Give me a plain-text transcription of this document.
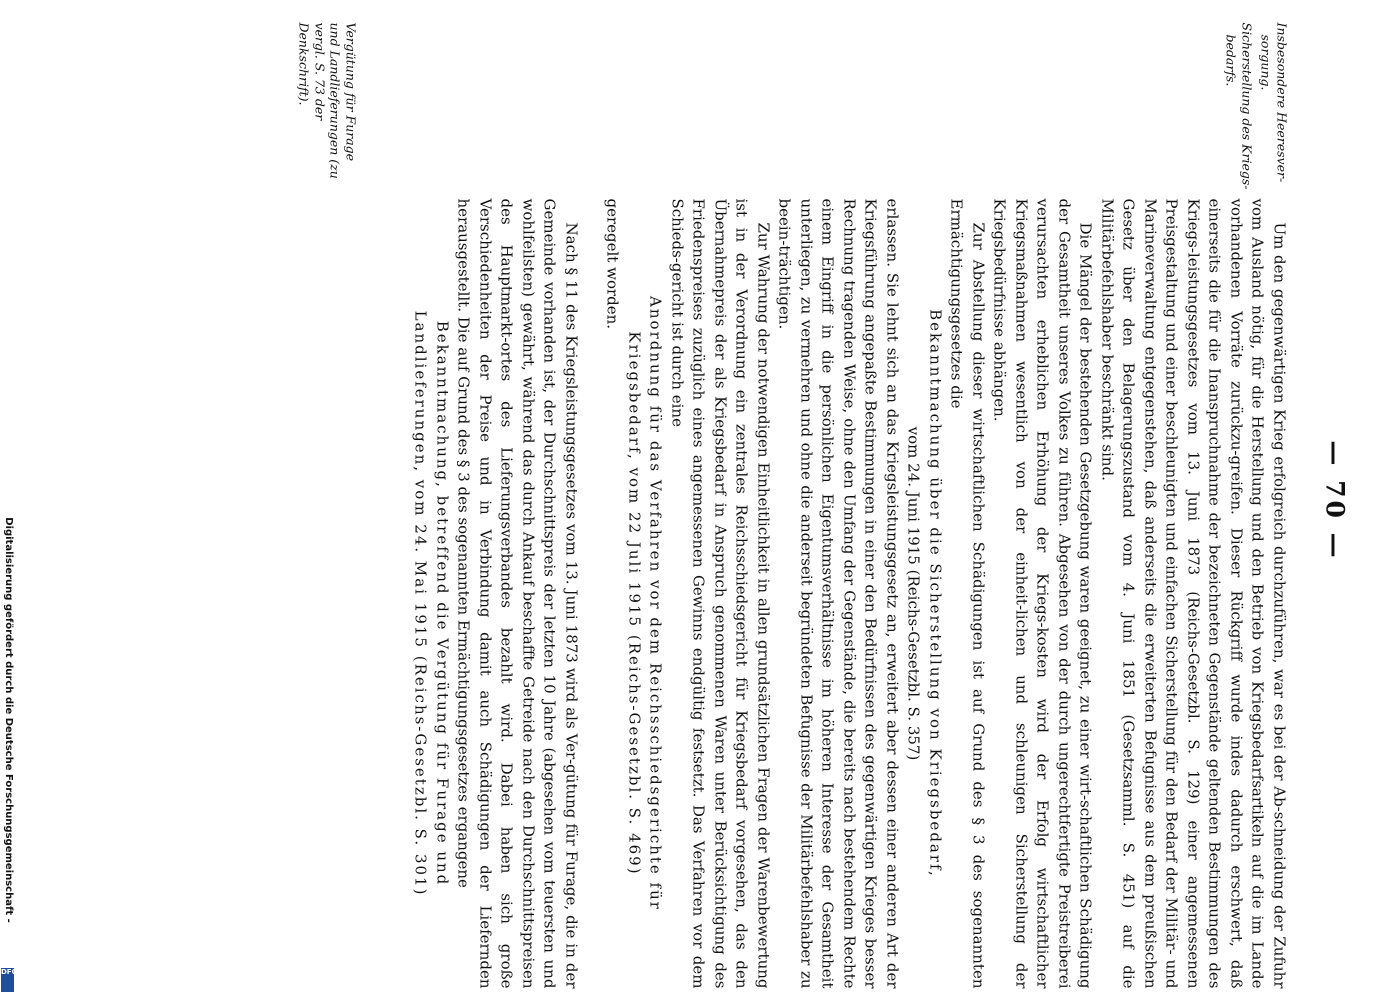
— 70 —

Insbesondere Heeresver-

sorgung.

Sicherstellung des Kriegs-

bedarfs.

Vergütung für Furage

und Landlieferungen (zu

vergl. S. 73 der Denkschrift).

Um den gegenwärtigen Krieg erfolgreich durchzuführen, war es bei der Ab-schneidung der Zufuhr vom Ausland nötig, für die Herstellung und den Betrieb von Kriegsbedarfsartikeln auf die im Lande vorhandenen Vorräte zurückzu-greifen. Dieser Rückgriff wurde indes dadurch erschwert, daß einerseits die für die Inanspruchnahme der bezeichneten Gegenstände geltenden Bestimmungen des Kriegs-leistungsgesetzes vom 13. Juni 1873 (Reichs-Gesetzbl. S. 129) einer angemessenen Preisgestaltung und einer beschleunigten und einfachen Sicherstellung für den Bedarf der Militär- und Marineverwaltung entgegenstehen, daß anderseits die erweiterten Befugnisse aus dem preußischen Gesetz über den Belagerungszustand vom 4. Juni 1851 (Gesetzsamml. S. 451) auf die Militärbefehlshaber beschränkt sind.

Die Mängel der bestehenden Gesetzgebung waren geeignet, zu einer wirt-schaftlichen Schädigung der Gesamtheit unseres Volkes zu führen. Abgesehen von der durch ungerechtfertigte Preistreiberei verursachten erheblichen Erhöhung der Kriegs-kosten wird der Erfolg wirtschaftlicher Kriegsmaßnahmen wesentlich von der einheit-lichen und schleunigen Sicherstellung der Kriegsbedürfnisse abhängen.

Zur Abstellung dieser wirtschaftlichen Schädigungen ist auf Grund des § 3 des sogenannten Ermächtigungsgesetzes die

Bekanntmachung über die Sicherstellung von Kriegsbedarf,

vom 24. Juni 1915 (Reichs-Gesetzbl. S. 357)

erlassen. Sie lehnt sich an das Kriegsleistungsgesetz an, erweitert aber dessen einer anderen Art der Kriegsführung angepaßte Bestimmungen in einer den Bedürfnissen des gegenwärtigen Krieges besser Rechnung tragenden Weise, ohne den Umfang der Gegenstände, die bereits nach bestehendem Rechte einem Eingriff in die persönlichen Eigentumsverhältnisse im höheren Interesse der Gesamtheit unterliegen, zu vermehren und ohne die anderseit begründeten Befugnisse der Militärbefehlshaber zu beein-trächtigen.

Zur Wahrung der notwendigen Einheitlichkeit in allen grundsätzlichen Fragen der Warenbewertung ist in der Verordnung ein zentrales Reichsschiedsgericht für Kriegsbedarf vorgesehen, das den Übernahmepreis der als Kriegsbedarf in Anspruch genommenen Waren unter Berücksichtigung des Friedenspreises zuzüglich eines angemessenen Gewinns endgültig festsetzt. Das Verfahren vor dem Schieds-gericht ist durch eine

Anordnung für das Verfahren vor dem Reichsschiedsgerichte für Kriegsbedarf, vom 22 Juli 1915 (Reichs-Gesetzbl. S. 469)

geregelt worden.

Nach § 11 des Kriegsleistungsgesetzes vom 13. Juni 1873 wird als Ver-gütung für Furage, die in der Gemeinde vorhanden ist, der Durchschnittspreis der letzten 10 Jahre (abgesehen vom teuersten und wohlfeilsten) gewährt, während das durch Ankauf beschaffte Getreide nach den Durchschnittspreisen des Hauptmarkt-ortes des Lieferungsverbandes bezahlt wird. Dabei haben sich große Verschiedenheiten der Preise und in Verbindung damit auch Schädigungen der Liefernden herausgestellt. Die auf Grund des § 3 des sogenannten Ermächtigungsgesetzes ergangene

Bekanntmachung, betreffend die Vergütung für Furage und Landlieferungen, vom 24. Mai 1915 (Reichs-Gesetzbl. S. 301)

Digitalisierung gefördert durch die Deutsche Forschungsgemeinschaft -
DFG
